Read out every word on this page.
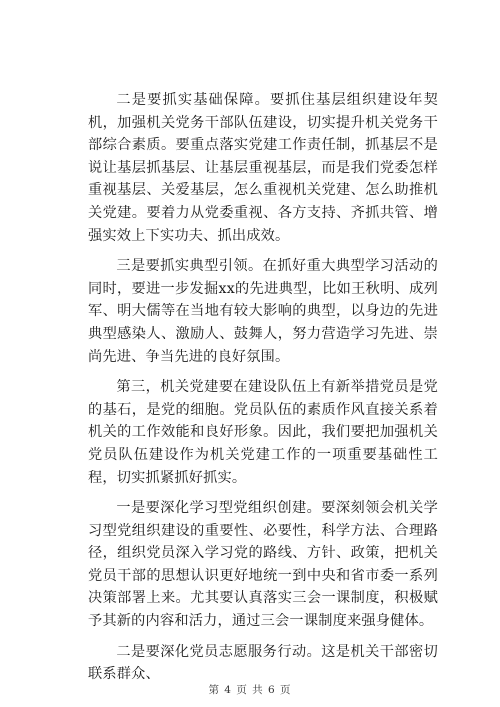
二是要抓实基础保障。要抓住基层组织建设年契机，加强机关党务干部队伍建设，切实提升机关党务干部综合素质。要重点落实党建工作责任制，抓基层不是说让基层抓基层、让基层重视基层，而是我们党委怎样重视基层、关爱基层，怎么重视机关党建、怎么助推机关党建。要着力从党委重视、各方支持、齐抓共管、增强实效上下实功夫、抓出成效。

三是要抓实典型引领。在抓好重大典型学习活动的同时，要进一步发掘xx的先进典型，比如王秋明、成列军、明大儒等在当地有较大影响的典型，以身边的先进典型感染人、激励人、鼓舞人，努力营造学习先进、崇尚先进、争当先进的良好氛围。

第三，机关党建要在建设队伍上有新举措党员是党的基石，是党的细胞。党员队伍的素质作风直接关系着机关的工作效能和良好形象。因此，我们要把加强机关党员队伍建设作为机关党建工作的一项重要基础性工程，切实抓紧抓好抓实。

一是要深化学习型党组织创建。要深刻领会机关学习型党组织建设的重要性、必要性，科学方法、合理路径，组织党员深入学习党的路线、方针、政策，把机关党员干部的思想认识更好地统一到中央和省市委一系列决策部署上来。尤其要认真落实三会一课制度，积极赋予其新的内容和活力，通过三会一课制度来强身健体。

二是要深化党员志愿服务行动。这是机关干部密切联系群众、

第 4 页 共 6 页
